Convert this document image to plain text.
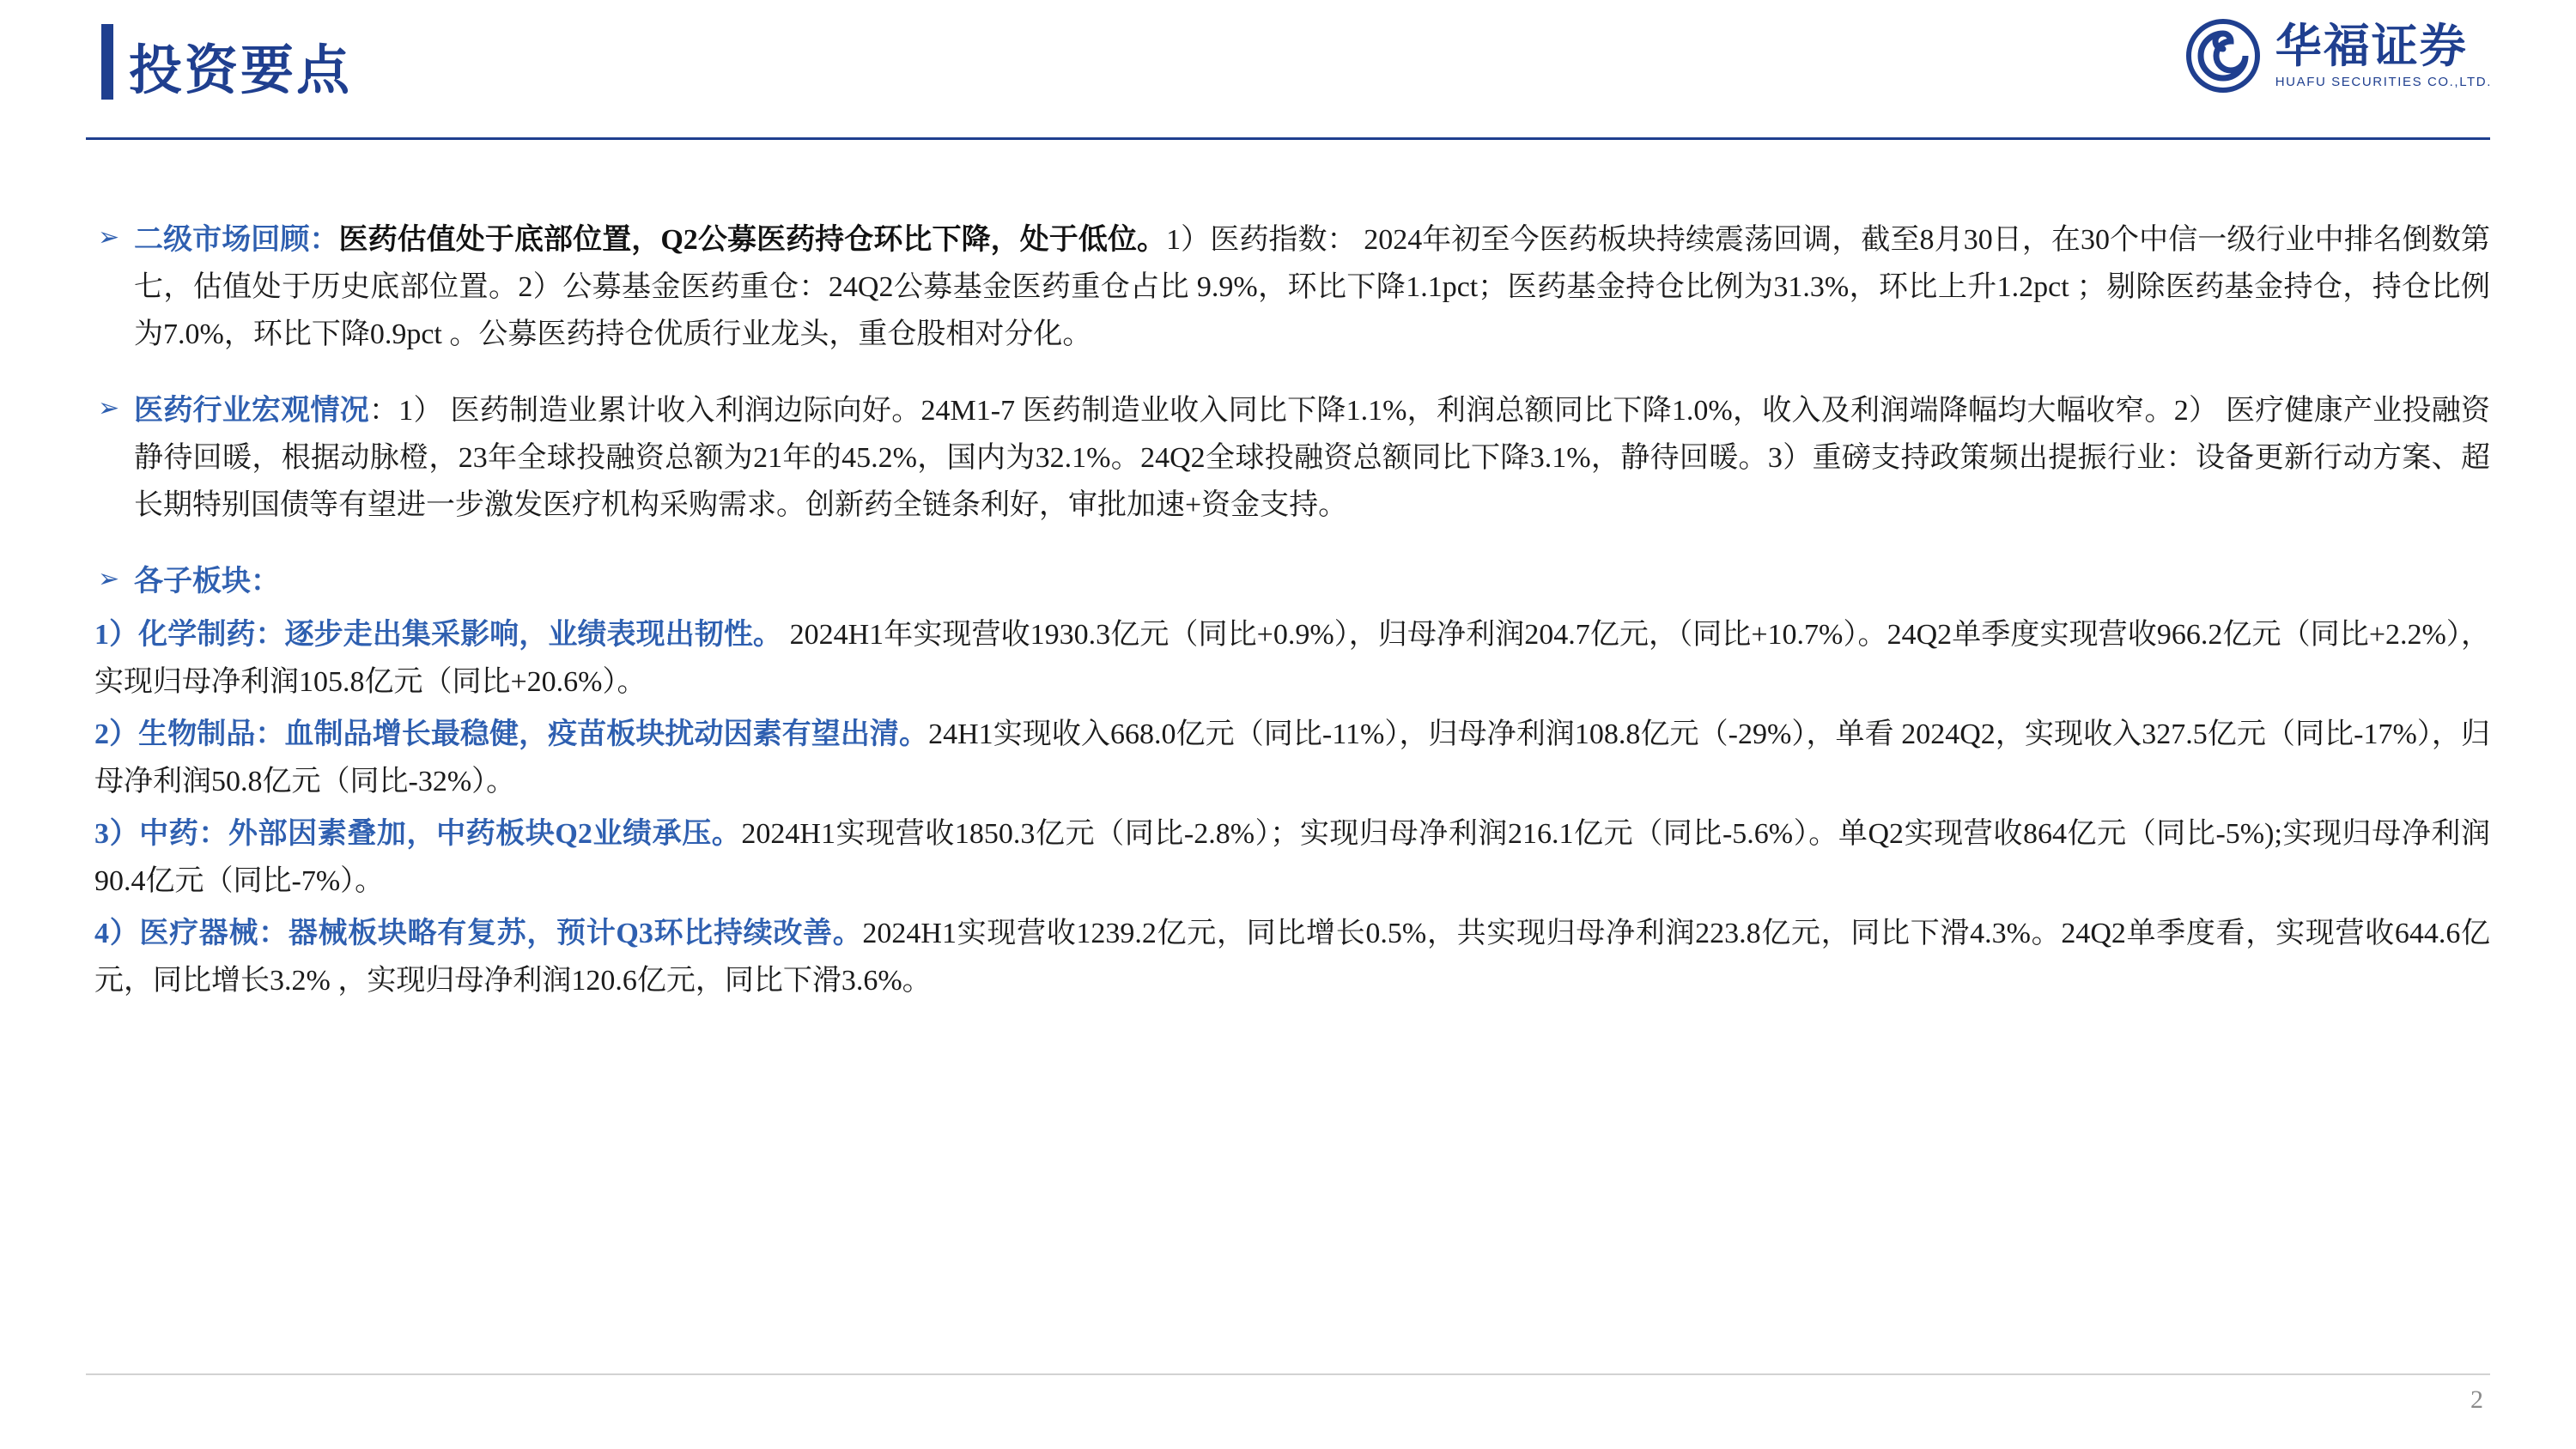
投资要点	华福证券
HUAFU SECURITIES CO.,LTD.
➢ 二级市场回顾：医药估值处于底部位置，Q2公募医药持仓环比下降，处于低位。1）医药指数： 2024年初至今医药板块持续震荡回调，截至8月30日，在30个中信一级行业中排名倒数第七，估值处于历史底部位置。2）公募基金医药重仓：24Q2公募基金医药重仓占比 9.9%，环比下降1.1pct；医药基金持仓比例为31.3%，环比上升1.2pct ；剔除医药基金持仓，持仓比例为7.0%，环比下降0.9pct 。公募医药持仓优质行业龙头，重仓股相对分化。
➢ 医药行业宏观情况：1） 医药制造业累计收入利润边际向好。24M1-7 医药制造业收入同比下降1.1%，利润总额同比下降1.0%，收入及利润端降幅均大幅收窄。2） 医疗健康产业投融资静待回暖，根据动脉橙，23年全球投融资总额为21年的45.2%，国内为32.1%。24Q2全球投融资总额同比下降3.1%，静待回暖。3）重磅支持政策频出提振行业：设备更新行动方案、超长期特别国债等有望进一步激发医疗机构采购需求。创新药全链条利好，审批加速+资金支持。
➢ 各子板块：
1）化学制药：逐步走出集采影响，业绩表现出韧性。 2024H1年实现营收1930.3亿元（同比+0.9%），归母净利润204.7亿元，（同比+10.7%）。24Q2单季度实现营收966.2亿元（同比+2.2%），实现归母净利润105.8亿元（同比+20.6%）。
2）生物制品：血制品增长最稳健，疫苗板块扰动因素有望出清。24H1实现收入668.0亿元（同比-11%），归母净利润108.8亿元（-29%），单看 2024Q2，实现收入327.5亿元（同比-17%），归母净利润50.8亿元（同比-32%）。
3）中药：外部因素叠加，中药板块Q2业绩承压。2024H1实现营收1850.3亿元（同比-2.8%）；实现归母净利润216.1亿元（同比-5.6%）。单Q2实现营收864亿元（同比-5%);实现归母净利润90.4亿元（同比-7%）。
4）医疗器械：器械板块略有复苏，预计Q3环比持续改善。2024H1实现营收1239.2亿元，同比增长0.5%，共实现归母净利润223.8亿元，同比下滑4.3%。24Q2单季度看，实现营收644.6亿元，同比增长3.2% ，实现归母净利润120.6亿元，同比下滑3.6%。
2
